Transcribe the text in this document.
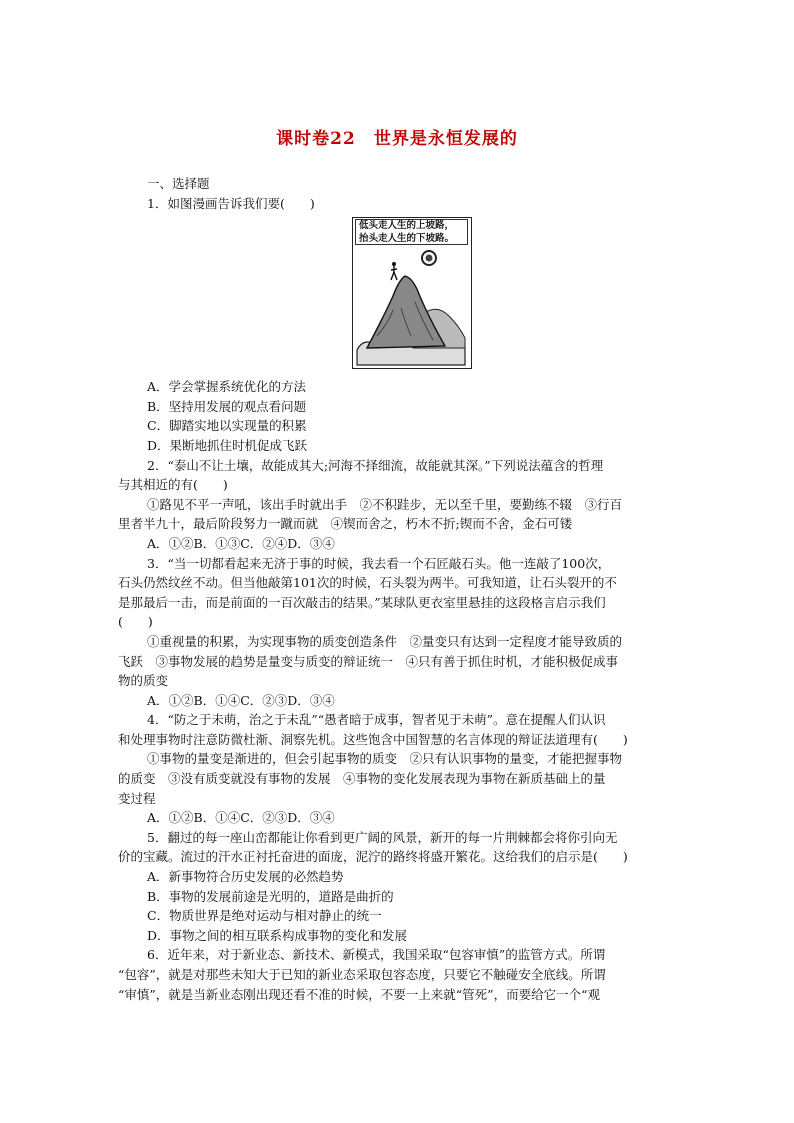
课时卷22　世界是永恒发展的
一、选择题
1．如图漫画告诉我们要(　　)
低头走人生的上坡路，
抬头走人生的下坡路。
A．学会掌握系统优化的方法
B．坚持用发展的观点看问题
C．脚踏实地以实现量的积累
D．果断地抓住时机促成飞跃
2．“泰山不让土壤，故能成其大;河海不择细流，故能就其深。”下列说法蕴含的哲理
与其相近的有(　　)
①路见不平一声吼，该出手时就出手　②不积跬步，无以至千里，要勤练不辍　③行百
里者半九十，最后阶段努力一蹴而就　④锲而舍之，朽木不折;锲而不舍，金石可镂
A．①②B．①③C．②④D．③④
3．“当一切都看起来无济于事的时候，我去看一个石匠敲石头。他一连敲了100次，
石头仍然纹丝不动。但当他敲第101次的时候，石头裂为两半。可我知道，让石头裂开的不
是那最后一击，而是前面的一百次敲击的结果。”某球队更衣室里悬挂的这段格言启示我们
(　　)
①重视量的积累，为实现事物的质变创造条件　②量变只有达到一定程度才能导致质的
飞跃　③事物发展的趋势是量变与质变的辩证统一　④只有善于抓住时机，才能积极促成事
物的质变
A．①②B．①④C．②③D．③④
4．“防之于未萌，治之于未乱”“愚者暗于成事，智者见于未萌”。意在提醒人们认识
和处理事物时注意防微杜渐、洞察先机。这些饱含中国智慧的名言体现的辩证法道理有(　　)
①事物的量变是渐进的，但会引起事物的质变　②只有认识事物的量变，才能把握事物
的质变　③没有质变就没有事物的发展　④事物的变化发展表现为事物在新质基础上的量
变过程
A．①②B．①④C．②③D．③④
5．翻过的每一座山峦都能让你看到更广阔的风景，新开的每一片荆棘都会将你引向无
价的宝藏。流过的汗水正衬托奋进的面庞，泥泞的路终将盛开繁花。这给我们的启示是(　　)
A．新事物符合历史发展的必然趋势
B．事物的发展前途是光明的，道路是曲折的
C．物质世界是绝对运动与相对静止的统一
D．事物之间的相互联系构成事物的变化和发展
6．近年来，对于新业态、新技术、新模式，我国采取“包容审慎”的监管方式。所谓
“包容”，就是对那些未知大于已知的新业态采取包容态度，只要它不触碰安全底线。所谓
“审慎”，就是当新业态刚出现还看不准的时候，不要一上来就“管死”，而要给它一个“观
